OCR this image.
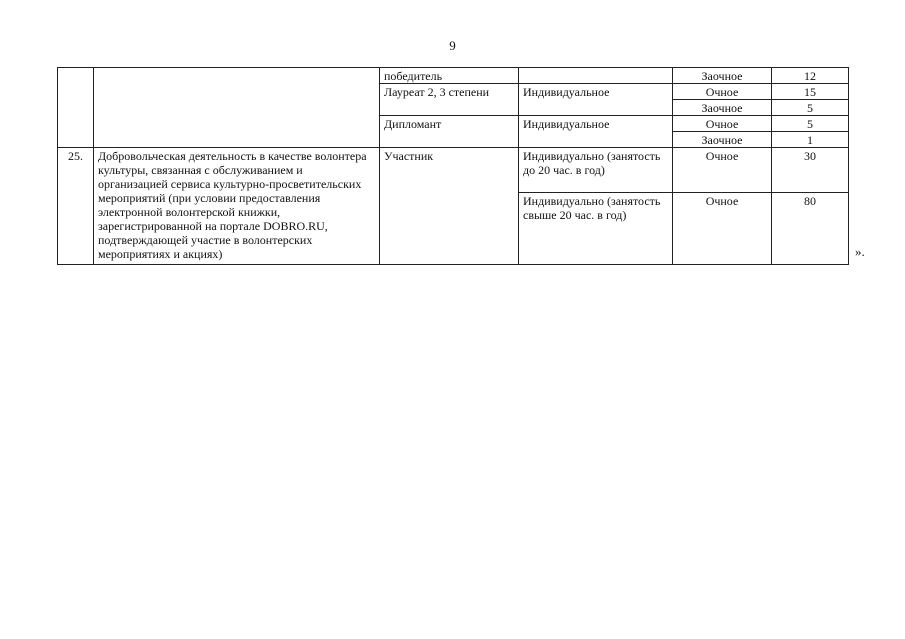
9
		победитель		Заочное	12
		Лауреат 2, 3 степени	Индивидуальное	Очное	15
				Заочное	5
		Дипломант	Индивидуальное	Очное	5
				Заочное	1
25.	Добровольческая деятельность в качестве волонтера культуры, связанная с обслуживанием и организацией сервиса культурно-просветительских мероприятий (при условии предоставления электронной волонтерской книжки, зарегистрированной на портале DOBRO.RU, подтверждающей участие в волонтерских мероприятиях и акциях)	Участник	Индивидуально (занятость до 20 час. в год)	Очное	30
			Индивидуально (занятость свыше 20 час. в год)	Очное	80
».
